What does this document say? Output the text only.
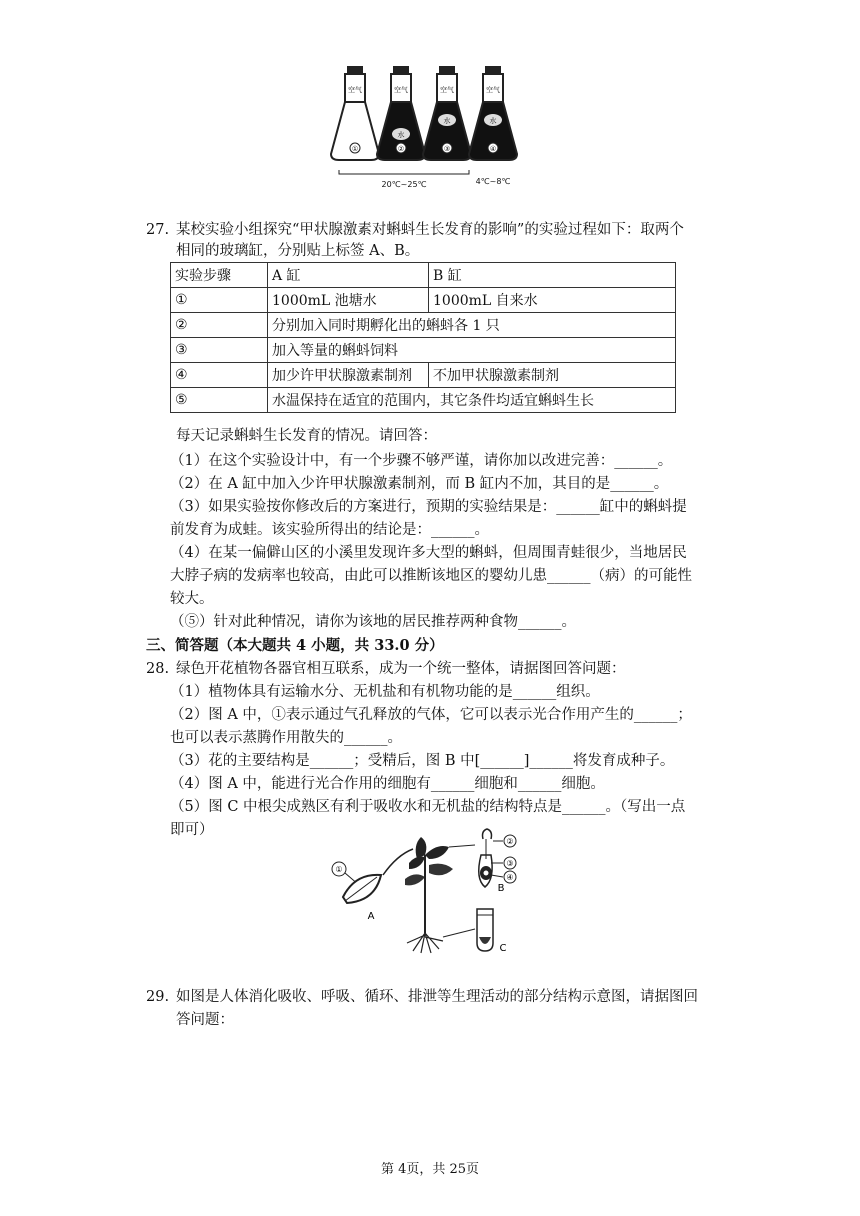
空气	空气
水
空气
水
空气
水
①	②	③	④
20℃~25℃	4℃~8℃
27. 某校实验小组探究“甲状腺激素对蝌蚪生长发育的影响”的实验过程如下：取两个
相同的玻璃缸，分别贴上标签 A、B。
实验步骤	A 缸	B 缸
①	1000mL 池塘水	1000mL 自来水
②	分别加入同时期孵化出的蝌蚪各 1 只	
③	加入等量的蝌蚪饲料	
④	加少许甲状腺激素制剂	不加甲状腺激素制剂
⑤	水温保持在适宜的范围内，其它条件均适宜蝌蚪生长	
每天记录蝌蚪生长发育的情况。请回答：
（1）在这个实验设计中，有一个步骤不够严谨，请你加以改进完善：______。
（2）在 A 缸中加入少许甲状腺激素制剂，而 B 缸内不加，其目的是______。
（3）如果实验按你修改后的方案进行，预期的实验结果是：______缸中的蝌蚪提
前发育为成蛙。该实验所得出的结论是：______。
（4）在某一偏僻山区的小溪里发现许多大型的蝌蚪，但周围青蛙很少，当地居民
大脖子病的发病率也较高，由此可以推断该地区的婴幼儿患______（病）的可能性
较大。
（⑤）针对此种情况，请你为该地的居民推荐两种食物______。
三、简答题（本大题共 4 小题，共 33.0 分）
28. 绿色开花植物各器官相互联系，成为一个统一整体，请据图回答问题：
（1）植物体具有运输水分、无机盐和有机物功能的是______组织。
（2）图 A 中，①表示通过气孔释放的气体，它可以表示光合作用产生的______；
也可以表示蒸腾作用散失的______。
（3）花的主要结构是______；受精后，图 B 中[______]______将发育成种子。
（4）图 A 中，能进行光合作用的细胞有______细胞和______细胞。
（5）图 C 中根尖成熟区有利于吸收水和无机盐的结构特点是______。（写出一点
即可）
①
A
②
③
④
B
C
29. 如图是人体消化吸收、呼吸、循环、排泄等生理活动的部分结构示意图，请据图回
答问题：
第 4页，共 25页
